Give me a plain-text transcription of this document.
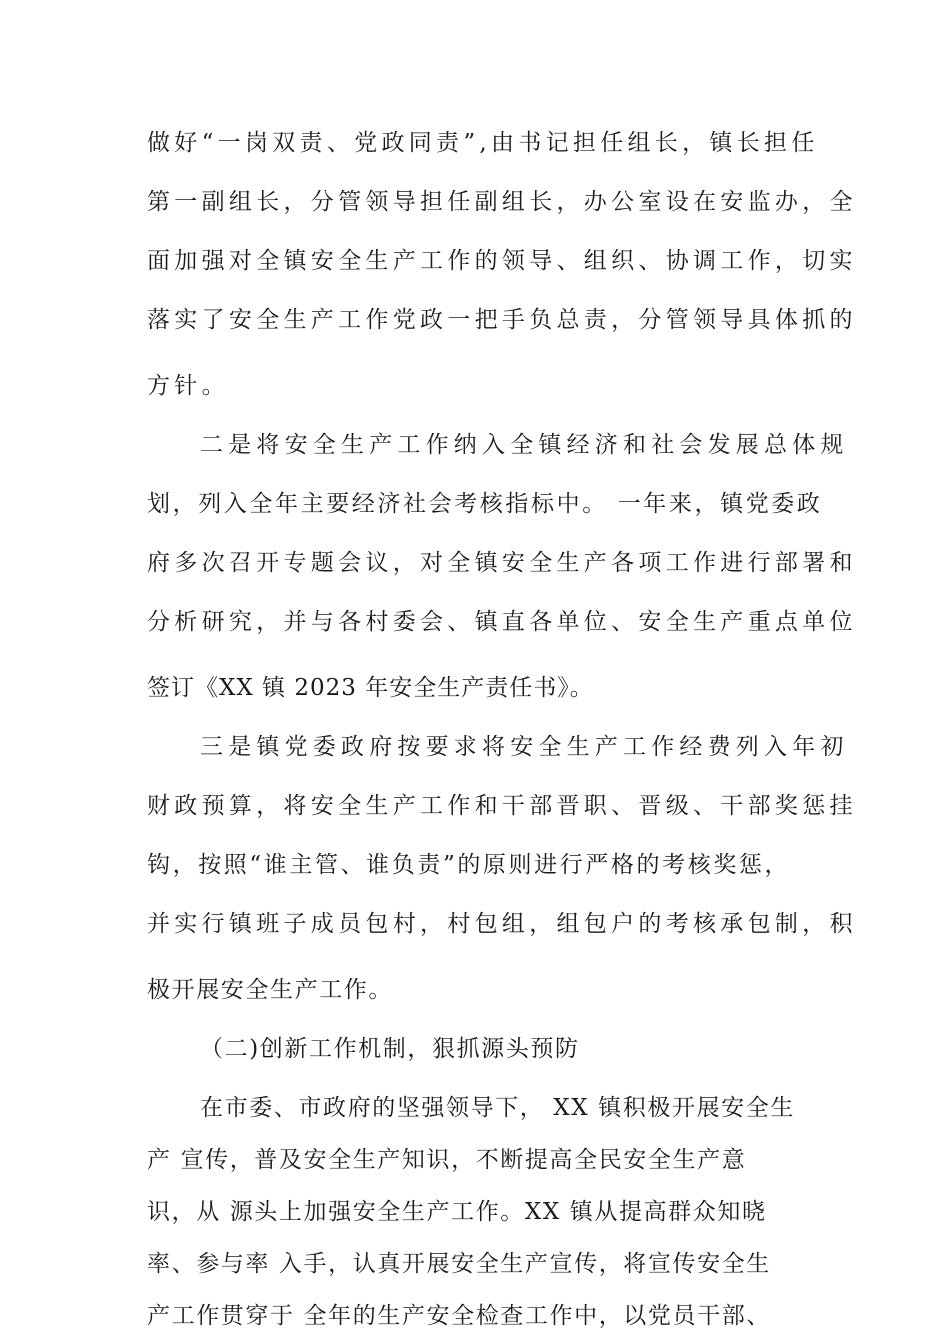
做好“一岗双责、党政同责”,由书记担任组长，镇长担任
第一副组长，分管领导担任副组长，办公室设在安监办，全
面加强对全镇安全生产工作的领导、组织、协调工作，切实
落实了安全生产工作党政一把手负总责，分管领导具体抓的
方针。
二是将安全生产工作纳入全镇经济和社会发展总体规
划，列入全年主要经济社会考核指标中。 一年来，镇党委政
府多次召开专题会议，对全镇安全生产各项工作进行部署和
分析研究，并与各村委会、镇直各单位、安全生产重点单位
签订《XX 镇 2023 年安全生产责任书》。
三是镇党委政府按要求将安全生产工作经费列入年初
财政预算，将安全生产工作和干部晋职、晋级、干部奖惩挂
钩，按照“谁主管、谁负责”的原则进行严格的考核奖惩，
并实行镇班子成员包村，村包组，组包户的考核承包制，积
极开展安全生产工作。
（二)创新工作机制，狠抓源头预防
在市委、市政府的坚强领导下， XX 镇积极开展安全生
产 宣传，普及安全生产知识，不断提高全民安全生产意
识，从 源头上加强安全生产工作。XX 镇从提高群众知晓
率、参与率 入手，认真开展安全生产宣传，将宣传安全生
产工作贯穿于 全年的生产安全检查工作中，以党员干部、
